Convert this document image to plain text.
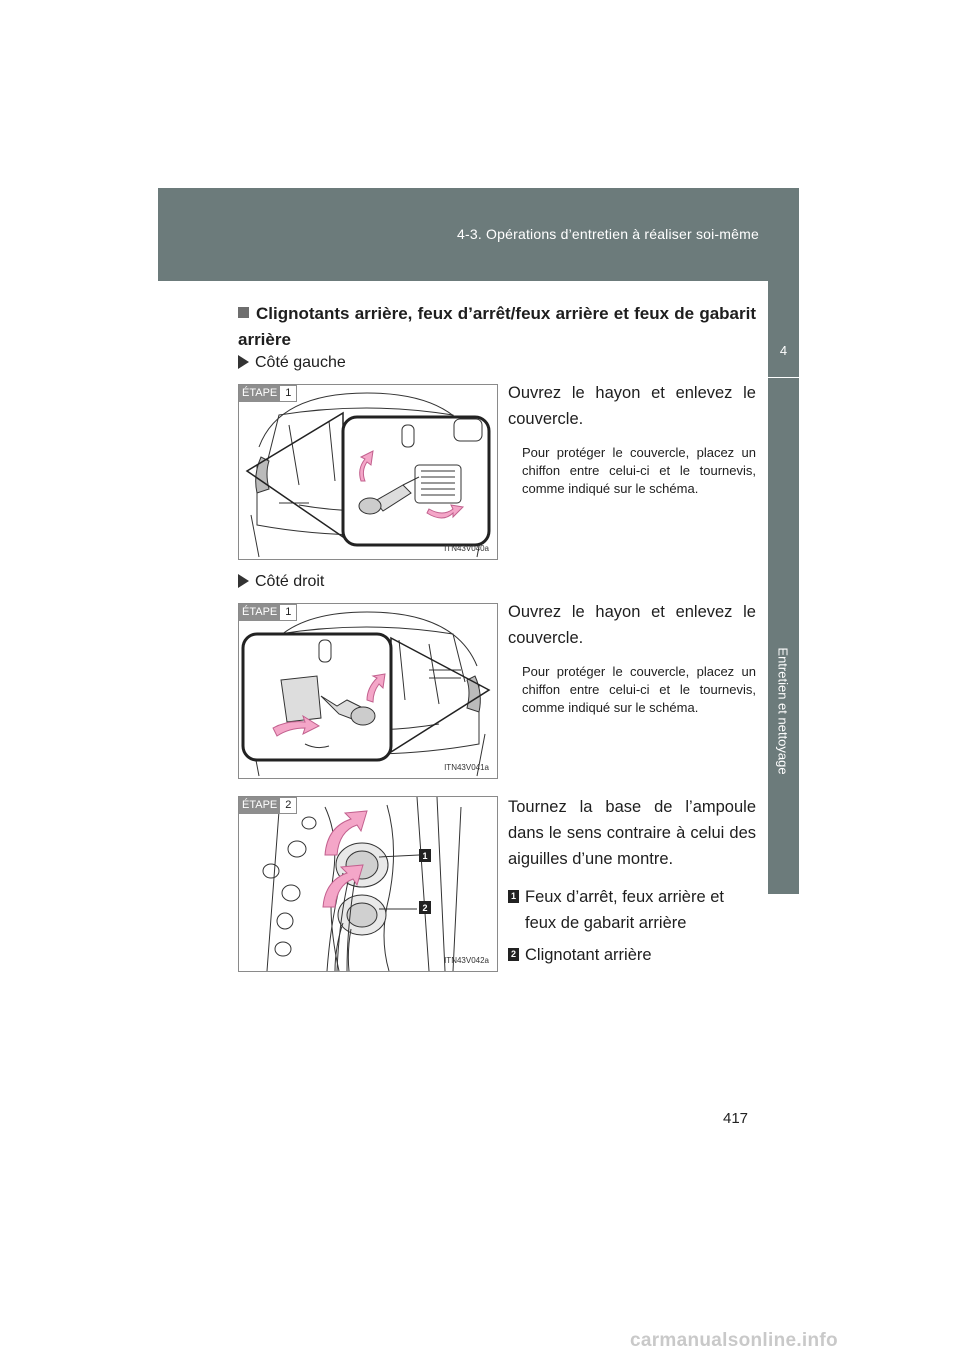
4-3. Opérations d’entretien à réaliser soi-même
4
Entretien et nettoyage
Clignotants arrière, feux d’arrêt/feux arrière et feux de gabarit arrière
Côté gauche
ÉTAPE 1
ITN43V040a

Ouvrez le hayon et enlevez le couvercle.

Pour protéger le couvercle, placez un chiffon entre celui-ci et le tournevis, comme indiqué sur le schéma.

Côté droit
ÉTAPE 1
ITN43V041a

Ouvrez le hayon et enlevez le couvercle.

Pour protéger le couvercle, placez un chiffon entre celui-ci et le tournevis, comme indiqué sur le schéma.

1
2
ÉTAPE 2
ITN43V042a

Tournez la base de l’ampoule dans le sens contraire à celui des aiguilles d’une montre.

1 Feux d’arrêt, feux arrière et feux de gabarit arrière
2 Clignotant arrière
417
carmanualsonline.info
